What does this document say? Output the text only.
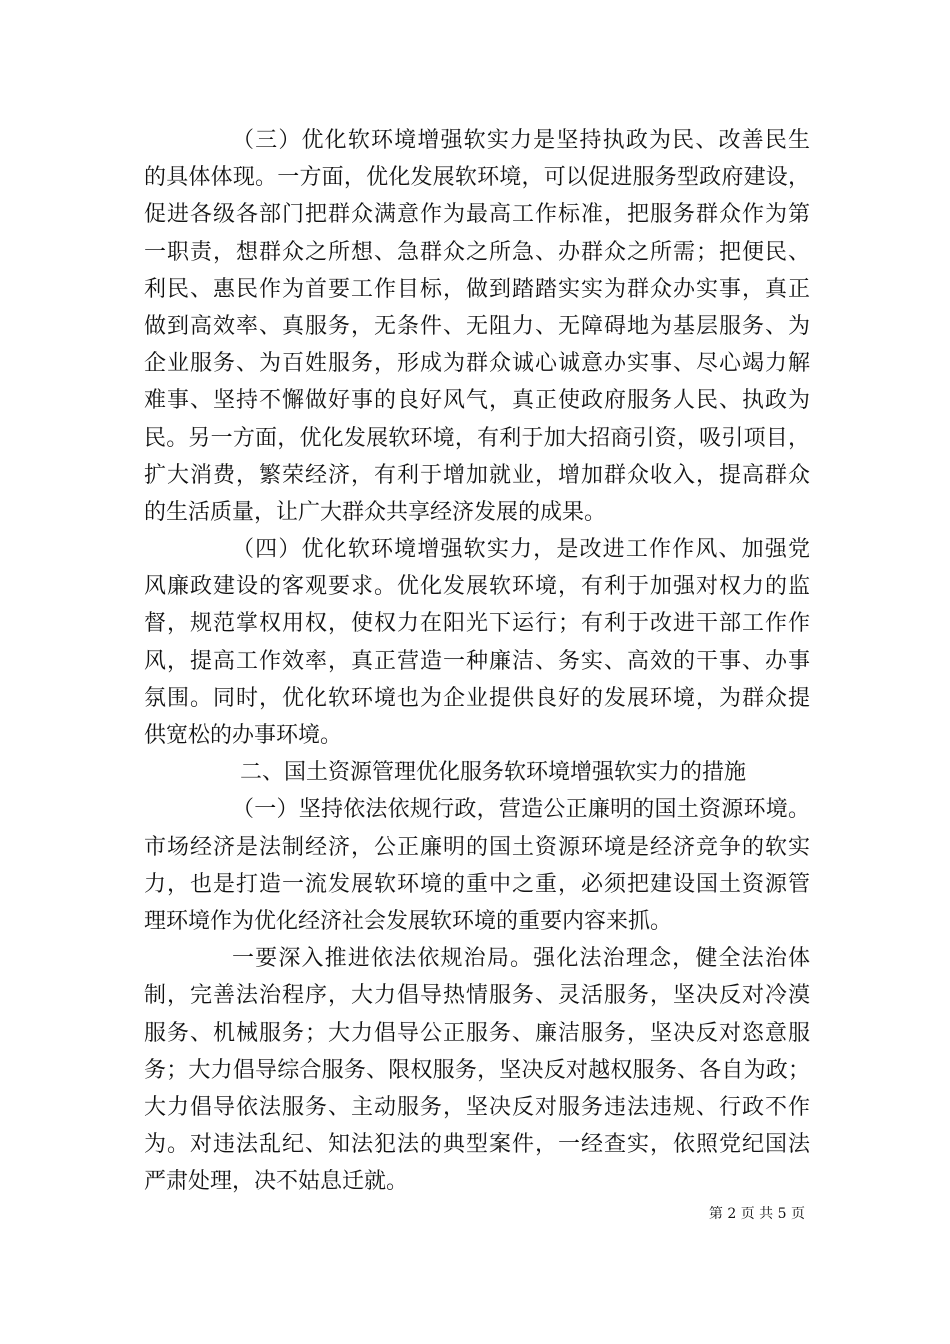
（三）优化软环境增强软实力是坚持执政为民、改善民生
的具体体现。一方面，优化发展软环境，可以促进服务型政府建设，
促进各级各部门把群众满意作为最高工作标准，把服务群众作为第
一职责，想群众之所想、急群众之所急、办群众之所需；把便民、
利民、惠民作为首要工作目标，做到踏踏实实为群众办实事，真正
做到高效率、真服务，无条件、无阻力、无障碍地为基层服务、为
企业服务、为百姓服务，形成为群众诚心诚意办实事、尽心竭力解
难事、坚持不懈做好事的良好风气，真正使政府服务人民、执政为
民。另一方面，优化发展软环境，有利于加大招商引资，吸引项目，
扩大消费，繁荣经济，有利于增加就业，增加群众收入，提高群众
的生活质量，让广大群众共享经济发展的成果。
（四）优化软环境增强软实力，是改进工作作风、加强党
风廉政建设的客观要求。优化发展软环境，有利于加强对权力的监
督，规范掌权用权，使权力在阳光下运行；有利于改进干部工作作
风，提高工作效率，真正营造一种廉洁、务实、高效的干事、办事
氛围。同时，优化软环境也为企业提供良好的发展环境，为群众提
供宽松的办事环境。
二、国土资源管理优化服务软环境增强软实力的措施
（一）坚持依法依规行政，营造公正廉明的国土资源环境。
市场经济是法制经济，公正廉明的国土资源环境是经济竞争的软实
力，也是打造一流发展软环境的重中之重，必须把建设国土资源管
理环境作为优化经济社会发展软环境的重要内容来抓。
一要深入推进依法依规治局。强化法治理念，健全法治体
制，完善法治程序，大力倡导热情服务、灵活服务，坚决反对冷漠
服务、机械服务；大力倡导公正服务、廉洁服务，坚决反对恣意服
务；大力倡导综合服务、限权服务，坚决反对越权服务、各自为政；
大力倡导依法服务、主动服务，坚决反对服务违法违规、行政不作
为。对违法乱纪、知法犯法的典型案件，一经查实，依照党纪国法
严肃处理，决不姑息迁就。
第 2 页 共 5 页
